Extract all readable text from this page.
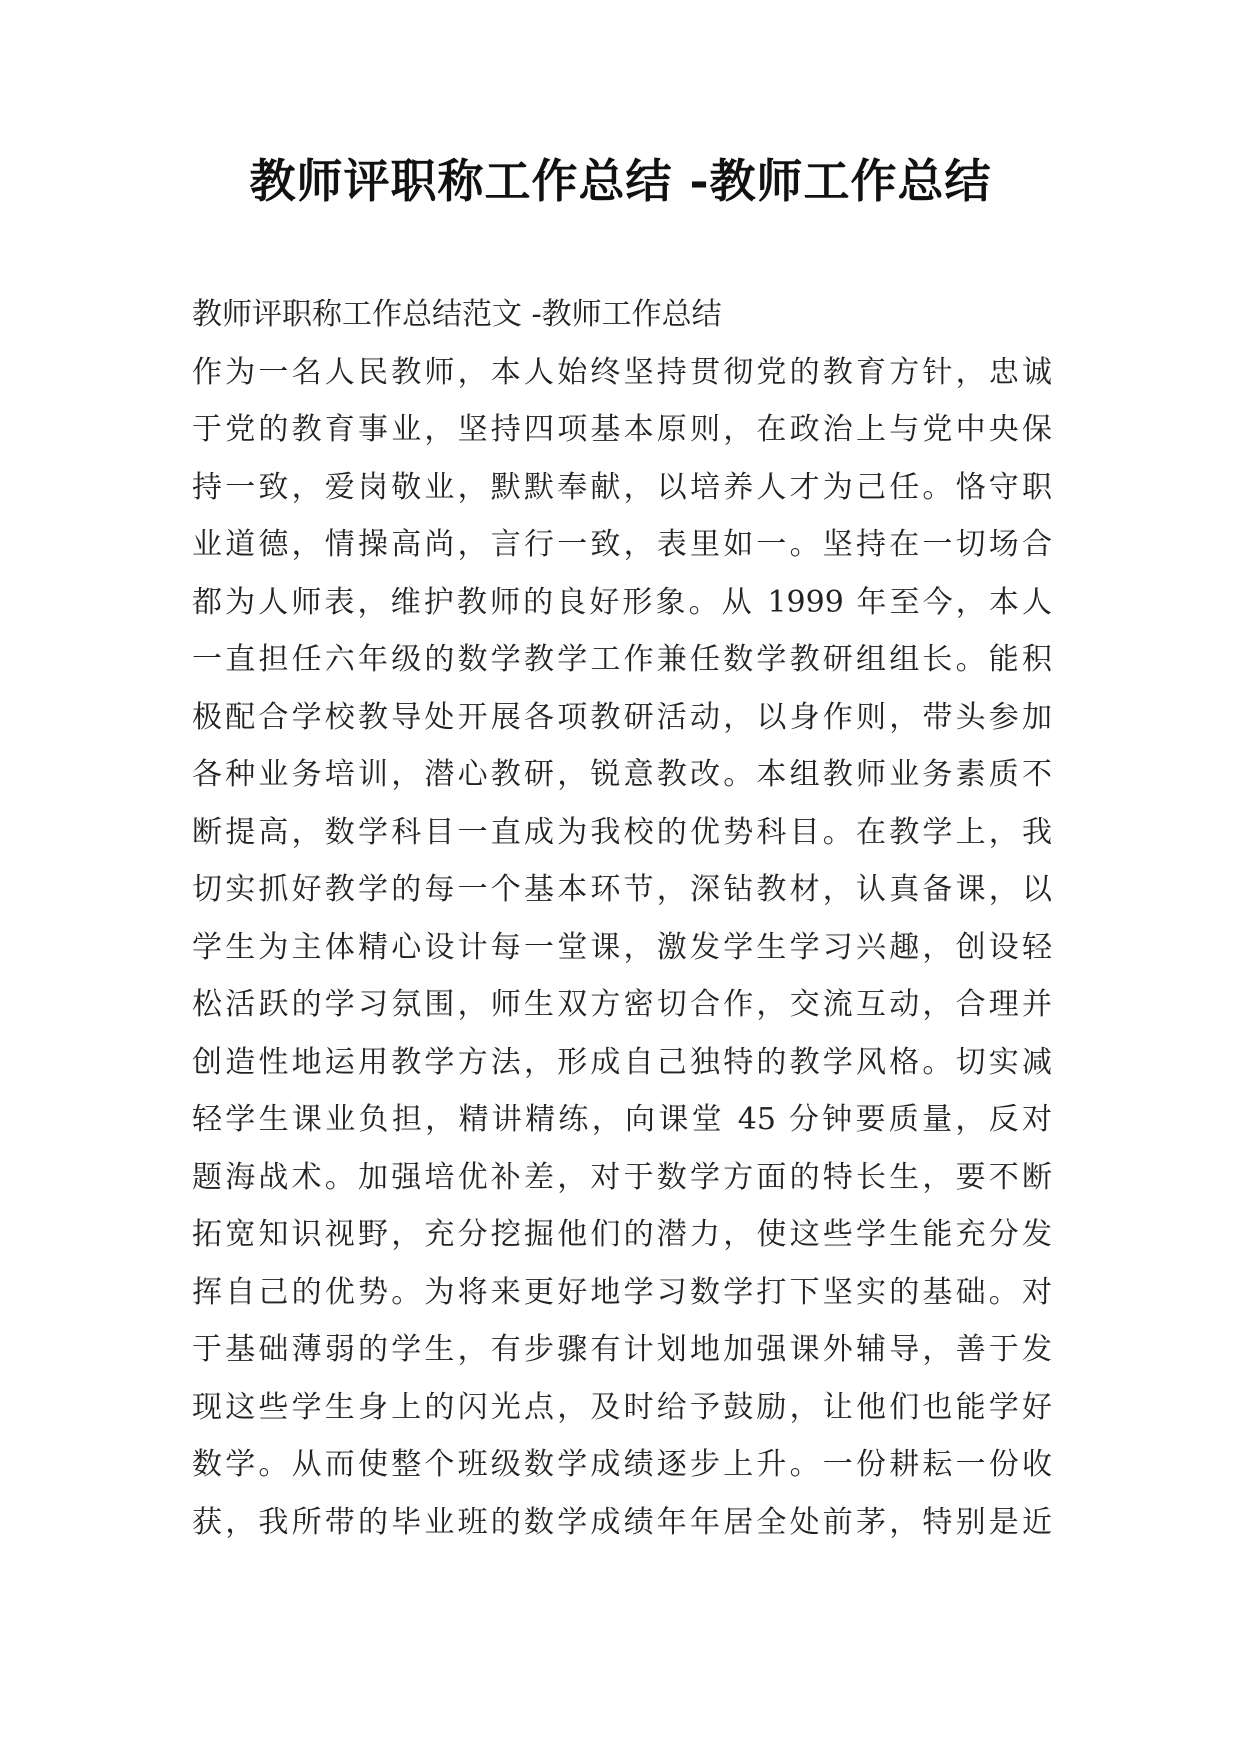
教师评职称工作总结 -教师工作总结
教师评职称工作总结范文 -教师工作总结
作为一名人民教师，本人始终坚持贯彻党的教育方针，忠诚
于党的教育事业，坚持四项基本原则，在政治上与党中央保
持一致，爱岗敬业，默默奉献，以培养人才为己任。恪守职
业道德，情操高尚，言行一致，表里如一。坚持在一切场合
都为人师表，维护教师的良好形象。从 1999 年至今，本人
一直担任六年级的数学教学工作兼任数学教研组组长。能积
极配合学校教导处开展各项教研活动，以身作则，带头参加
各种业务培训，潜心教研，锐意教改。本组教师业务素质不
断提高，数学科目一直成为我校的优势科目。在教学上，我
切实抓好教学的每一个基本环节，深钻教材，认真备课，以
学生为主体精心设计每一堂课，激发学生学习兴趣，创设轻
松活跃的学习氛围，师生双方密切合作，交流互动，合理并
创造性地运用教学方法，形成自己独特的教学风格。切实减
轻学生课业负担，精讲精练，向课堂 45 分钟要质量，反对
题海战术。加强培优补差，对于数学方面的特长生，要不断
拓宽知识视野，充分挖掘他们的潜力，使这些学生能充分发
挥自己的优势。为将来更好地学习数学打下坚实的基础。对
于基础薄弱的学生，有步骤有计划地加强课外辅导，善于发
现这些学生身上的闪光点，及时给予鼓励，让他们也能学好
数学。从而使整个班级数学成绩逐步上升。一份耕耘一份收
获，我所带的毕业班的数学成绩年年居全处前茅，特别是近
